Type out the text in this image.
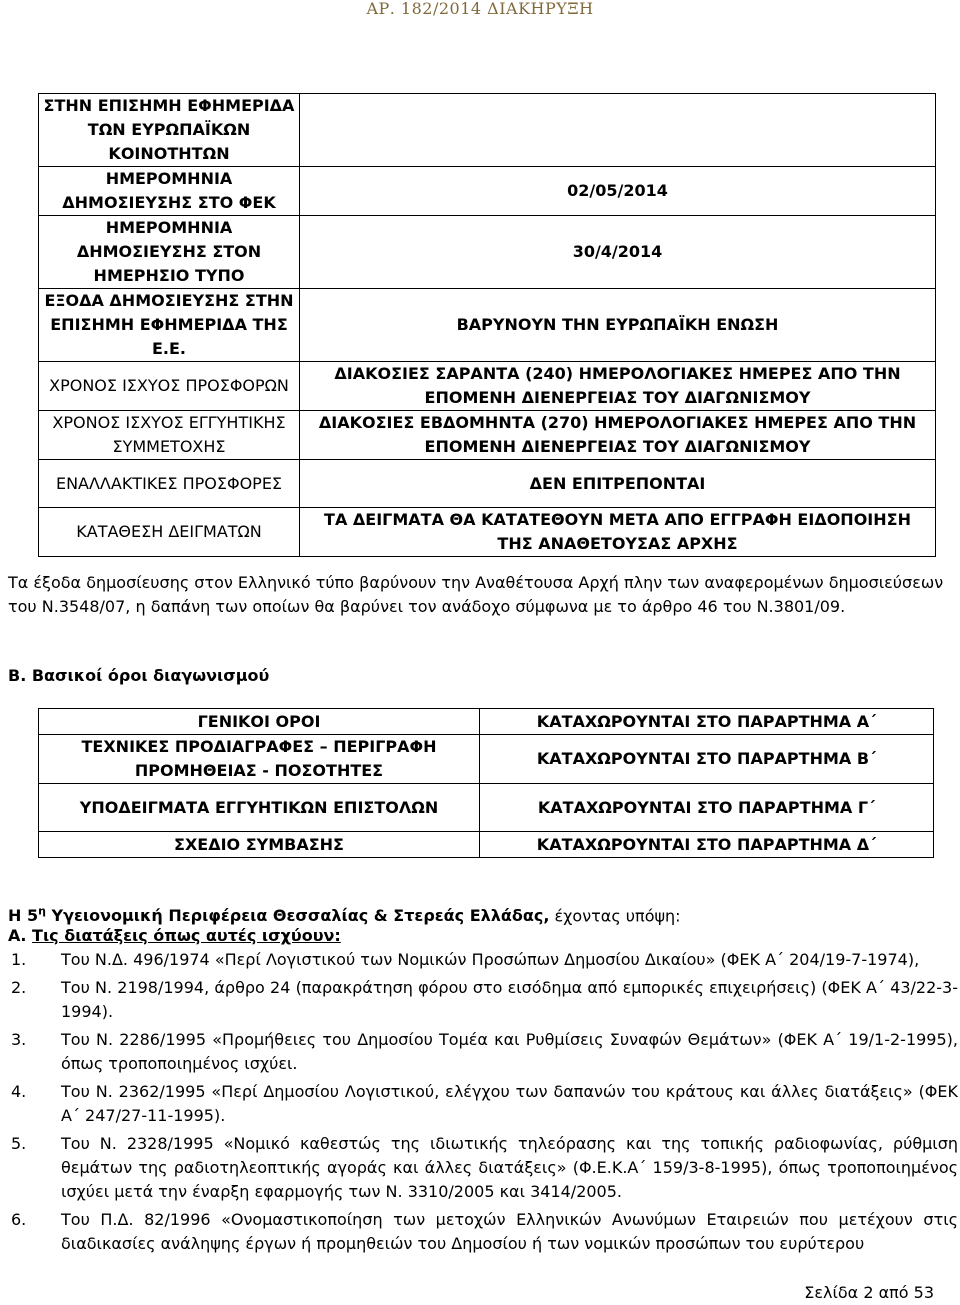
ΑΡ. 182/2014 ΔΙΑΚΗΡΥΞΗ
ΣΤΗΝ ΕΠΙΣΗΜΗ ΕΦΗΜΕΡΙΔΑ ΤΩΝ ΕΥΡΩΠΑΪΚΩΝ ΚΟΙΝΟΤΗΤΩΝ	
ΗΜΕΡΟΜΗΝΙΑ ΔΗΜΟΣΙΕΥΣΗΣ ΣΤΟ ΦΕΚ	02/05/2014
ΗΜΕΡΟΜΗΝΙΑ ΔΗΜΟΣΙΕΥΣΗΣ ΣΤΟΝ ΗΜΕΡΗΣΙΟ ΤΥΠΟ	30/4/2014
ΕΞΟΔΑ ΔΗΜΟΣΙΕΥΣΗΣ ΣΤΗΝ ΕΠΙΣΗΜΗ ΕΦΗΜΕΡΙΔΑ ΤΗΣ Ε.Ε.	ΒΑΡΥΝΟΥΝ ΤΗΝ ΕΥΡΩΠΑΪΚΗ ΕΝΩΣΗ
ΧΡΟΝΟΣ ΙΣΧΥΟΣ ΠΡΟΣΦΟΡΩΝ	ΔΙΑΚΟΣΙΕΣ ΣΑΡΑΝΤΑ (240) ΗΜΕΡΟΛΟΓΙΑΚΕΣ ΗΜΕΡΕΣ ΑΠΟ ΤΗΝ ΕΠΟΜΕΝΗ ΔΙΕΝΕΡΓΕΙΑΣ ΤΟΥ ΔΙΑΓΩΝΙΣΜΟΥ
ΧΡΟΝΟΣ ΙΣΧΥΟΣ ΕΓΓΥΗΤΙΚΗΣ ΣΥΜΜΕΤΟΧΗΣ	ΔΙΑΚΟΣΙΕΣ ΕΒΔΟΜΗΝΤΑ (270) ΗΜΕΡΟΛΟΓΙΑΚΕΣ ΗΜΕΡΕΣ ΑΠΟ ΤΗΝ ΕΠΟΜΕΝΗ ΔΙΕΝΕΡΓΕΙΑΣ ΤΟΥ ΔΙΑΓΩΝΙΣΜΟΥ
ΕΝΑΛΛΑΚΤΙΚΕΣ ΠΡΟΣΦΟΡΕΣ	ΔΕΝ ΕΠΙΤΡΕΠΟΝΤΑΙ
ΚΑΤΑΘΕΣΗ ΔΕΙΓΜΑΤΩΝ	ΤΑ ΔΕΙΓΜΑΤΑ ΘΑ ΚΑΤΑΤΕΘΟΥΝ ΜΕΤΑ ΑΠΟ ΕΓΓΡΑΦΗ ΕΙΔΟΠΟΙΗΣΗ ΤΗΣ ΑΝΑΘΕΤΟΥΣΑΣ ΑΡΧΗΣ
Τα έξοδα δημοσίευσης στον Ελληνικό τύπο βαρύνουν την Αναθέτουσα Αρχή πλην των αναφερομένων δημοσιεύσεων του Ν.3548/07, η δαπάνη των οποίων θα βαρύνει τον ανάδοχο σύμφωνα με το άρθρο 46 του Ν.3801/09.
Β. Βασικοί όροι διαγωνισμού
ΓΕΝΙΚΟΙ ΟΡΟΙ	ΚΑΤΑΧΩΡΟΥΝΤΑΙ ΣΤΟ ΠΑΡΑΡΤΗΜΑ Α΄
ΤΕΧΝΙΚΕΣ ΠΡΟΔΙΑΓΡΑΦΕΣ – ΠΕΡΙΓΡΑΦΗ ΠΡΟΜΗΘΕΙΑΣ - ΠΟΣΟΤΗΤΕΣ	ΚΑΤΑΧΩΡΟΥΝΤΑΙ ΣΤΟ ΠΑΡΑΡΤΗΜΑ Β΄
ΥΠΟΔΕΙΓΜΑΤΑ ΕΓΓΥΗΤΙΚΩΝ ΕΠΙΣΤΟΛΩΝ	ΚΑΤΑΧΩΡΟΥΝΤΑΙ ΣΤΟ ΠΑΡΑΡΤΗΜΑ Γ΄
ΣΧΕΔΙΟ ΣΥΜΒΑΣΗΣ	ΚΑΤΑΧΩΡΟΥΝΤΑΙ ΣΤΟ ΠΑΡΑΡΤΗΜΑ Δ΄
Η $5^\eta$ Υγειονομική Περιφέρεια Θεσσαλίας & Στερεάς Ελλάδας, έχοντας υπόψη:
Α. Τις διατάξεις όπως αυτές ισχύουν:
1.	Του Ν.Δ. 496/1974 «Περί Λογιστικού των Νομικών Προσώπων Δημοσίου Δικαίου» (ΦΕΚ Α΄ 204/19-7-1974),
2.	Του Ν. 2198/1994, άρθρο 24 (παρακράτηση φόρου στο εισόδημα από εμπορικές επιχειρήσεις) (ΦΕΚ Α΄ 43/22-3-1994).
3.	Του Ν. 2286/1995 «Προμήθειες του Δημοσίου Τομέα και Ρυθμίσεις Συναφών Θεμάτων» (ΦΕΚ Α΄ 19/1-2-1995), όπως τροποποιημένος ισχύει.
4.	Του Ν. 2362/1995 «Περί Δημοσίου Λογιστικού, ελέγχου των δαπανών του κράτους και άλλες διατάξεις» (ΦΕΚ Α΄ 247/27-11-1995).
5.	Του Ν. 2328/1995 «Νομικό καθεστώς της ιδιωτικής τηλεόρασης και της τοπικής ραδιοφωνίας, ρύθμιση θεμάτων της ραδιοτηλεοπτικής αγοράς και άλλες διατάξεις» (Φ.Ε.Κ.Α΄ 159/3-8-1995), όπως τροποποιημένος ισχύει μετά την έναρξη εφαρμογής των Ν. 3310/2005 και 3414/2005.
6.	Του Π.Δ. 82/1996 «Ονομαστικοποίηση των μετοχών Ελληνικών Ανωνύμων Εταιρειών που μετέχουν στις διαδικασίες ανάληψης έργων ή προμηθειών του Δημοσίου ή των νομικών προσώπων του ευρύτερου
Σελίδα 2 από 53
